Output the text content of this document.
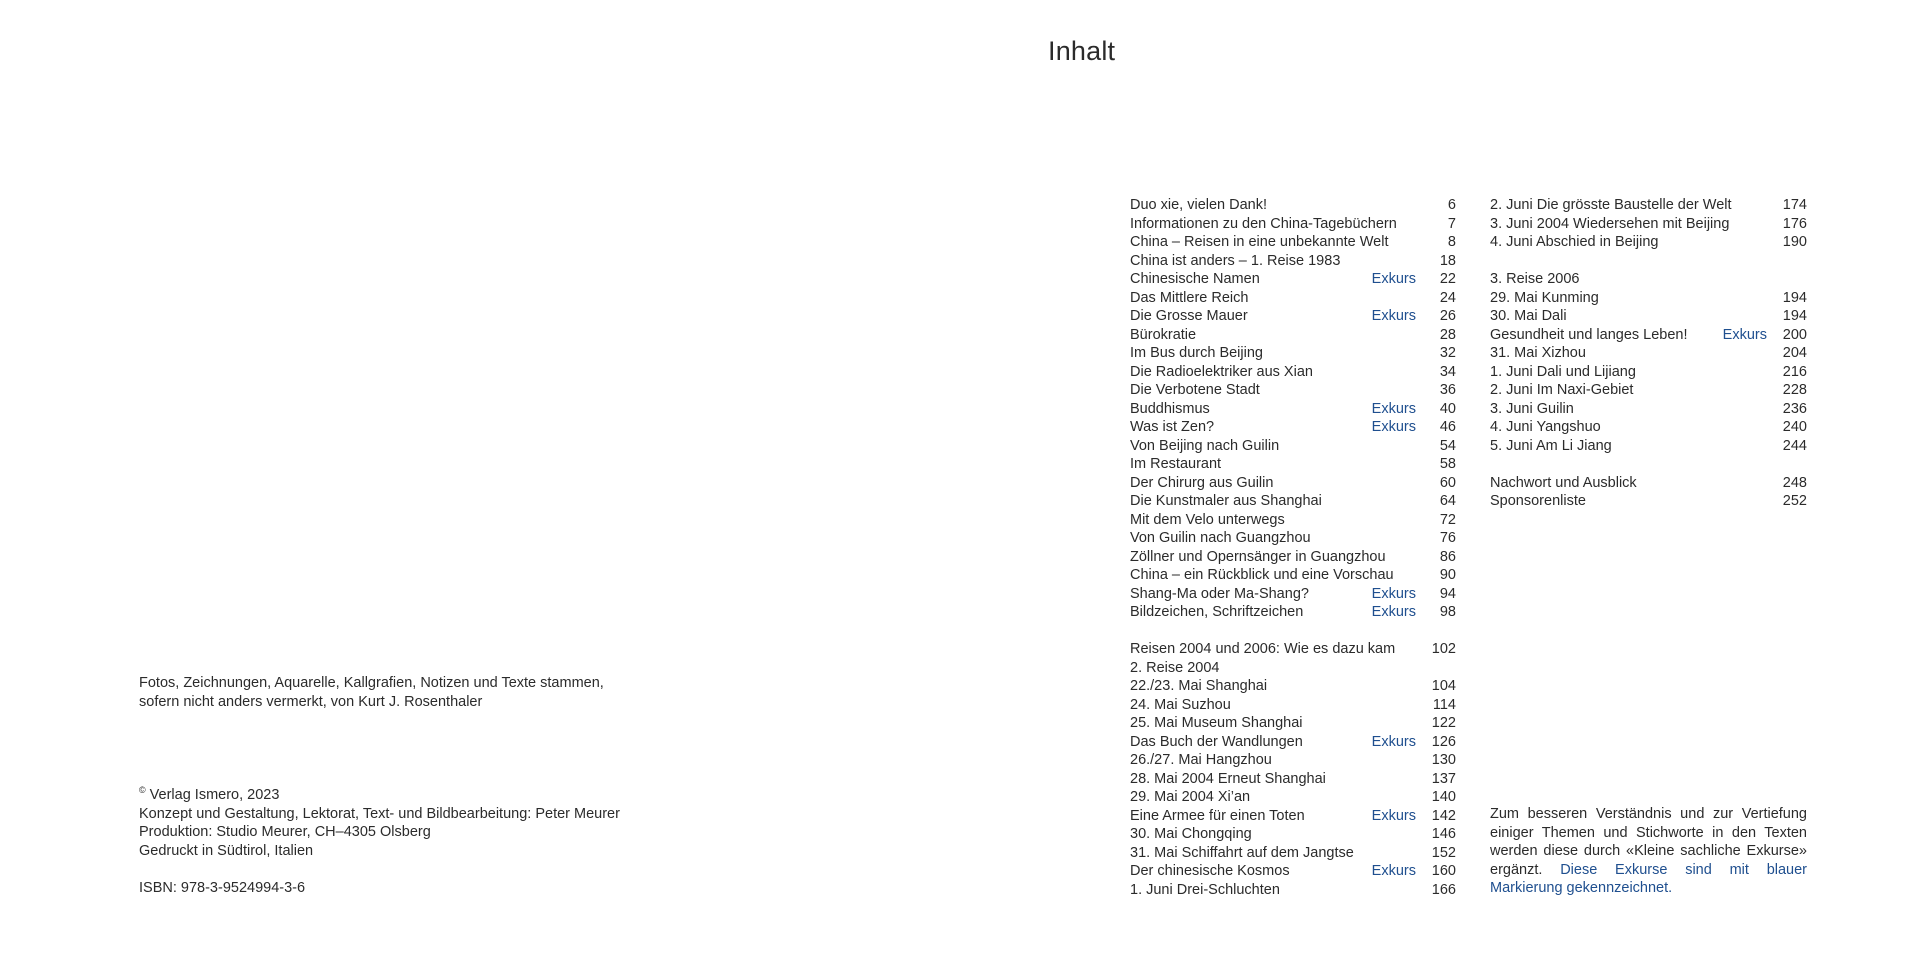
Fotos, Zeichnungen, Aquarelle, Kallgrafien, Notizen und Texte stammen,
sofern nicht anders vermerkt, von Kurt J. Rosenthaler
© Verlag Ismero, 2023
Konzept und Gestaltung, Lektorat, Text- und Bildbearbeitung: Peter Meurer
Produktion: Studio Meurer, CH–4305 Olsberg
Gedruckt in Südtirol, Italien
ISBN: 978-3-9524994-3-6
Inhalt
Duo xie, vielen Dank!	6
Informationen zu den China-Tagebüchern	7
China – Reisen in eine unbekannte Welt	8
China ist anders – 1. Reise 1983	18
Chinesische Namen	Exkurs 22
Das Mittlere Reich	24
Die Grosse Mauer	Exkurs 26
Bürokratie	28
Im Bus durch Beijing	32
Die Radioelektriker aus Xian	34
Die Verbotene Stadt	36
Buddhismus	Exkurs 40
Was ist Zen?	Exkurs 46
Von Beijing nach Guilin	54
Im Restaurant	58
Der Chirurg aus Guilin	60
Die Kunstmaler aus Shanghai	64
Mit dem Velo unterwegs	72
Von Guilin nach Guangzhou	76
Zöllner und Opernsänger in Guangzhou	86
China – ein Rückblick und eine Vorschau	90
Shang-Ma oder Ma-Shang?	Exkurs 94
Bildzeichen, Schriftzeichen	Exkurs 98
Reisen 2004 und 2006: Wie es dazu kam	102
2. Reise 2004
22./23. Mai Shanghai	104
24. Mai Suzhou	114
25. Mai Museum Shanghai	122
Das Buch der Wandlungen	Exkurs 126
26./27. Mai Hangzhou	130
28. Mai 2004 Erneut Shanghai	137
29. Mai 2004 Xi’an	140
Eine Armee für einen Toten	Exkurs 142
30. Mai Chongqing	146
31. Mai Schiffahrt auf dem Jangtse	152
Der chinesische Kosmos	Exkurs 160
1. Juni Drei-Schluchten	166
2. Juni Die grösste Baustelle der Welt	174
3. Juni 2004 Wiedersehen mit Beijing	176
4. Juni Abschied in Beijing	190
3. Reise 2006
29. Mai Kunming	194
30. Mai Dali	194
Gesundheit und langes Leben! Exkurs 200
31. Mai Xizhou	204
1. Juni Dali und Lijiang	216
2. Juni Im Naxi-Gebiet	228
3. Juni Guilin	236
4. Juni Yangshuo	240
5. Juni Am Li Jiang	244
Nachwort und Ausblick	248
Sponsorenliste	252
Zum besseren Verständnis und zur Vertiefung einiger Themen und Stichworte in den Texten werden diese durch «Kleine sachliche Exkurse» ergänzt. Diese Exkurse sind mit blauer Markierung gekennzeichnet.
